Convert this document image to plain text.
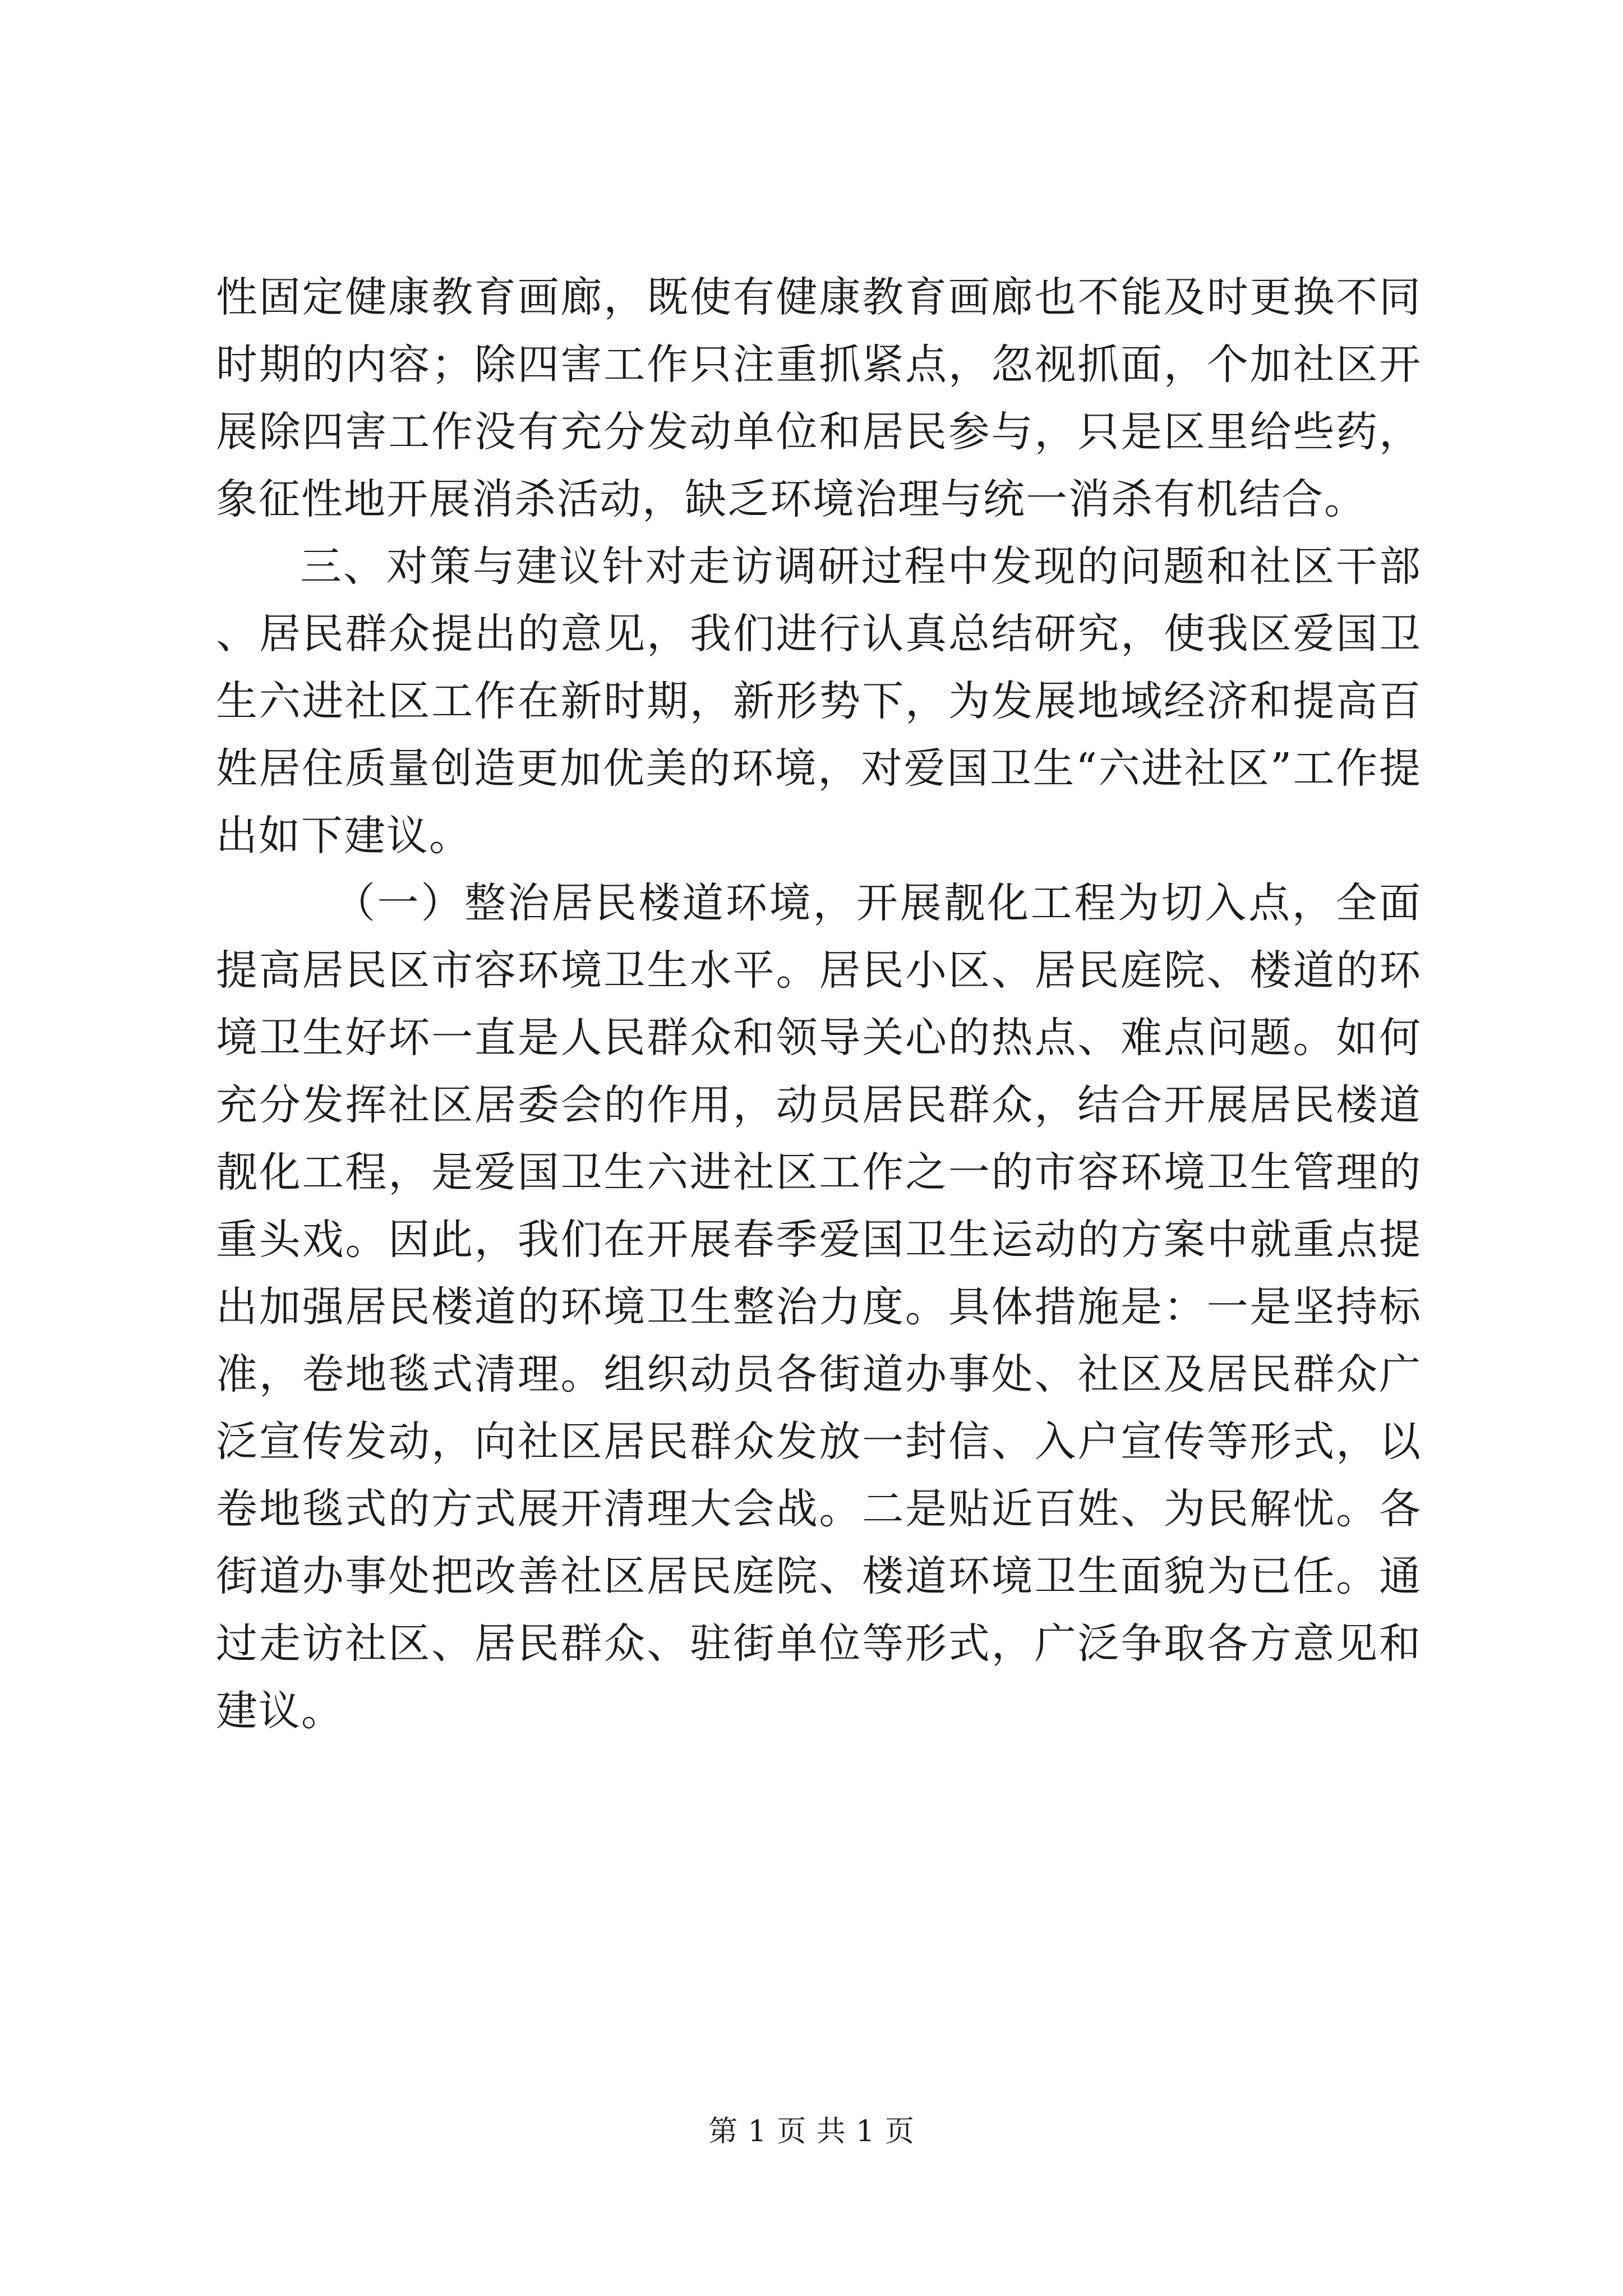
性固定健康教育画廊，既使有健康教育画廊也不能及时更换不同时期的内容；除四害工作只注重抓紧点，忽视抓面，个加社区开展除四害工作没有充分发动单位和居民参与，只是区里给些药，象征性地开展消杀活动，缺乏环境治理与统一消杀有机结合。

三、对策与建议针对走访调研过程中发现的问题和社区干部、居民群众提出的意见，我们进行认真总结研究，使我区爱国卫生六进社区工作在新时期，新形势下，为发展地域经济和提高百姓居住质量创造更加优美的环境，对爱国卫生“六进社区”工作提出如下建议。

（一）整治居民楼道环境，开展靓化工程为切入点，全面提高居民区市容环境卫生水平。居民小区、居民庭院、楼道的环境卫生好坏一直是人民群众和领导关心的热点、难点问题。如何充分发挥社区居委会的作用，动员居民群众，结合开展居民楼道靓化工程，是爱国卫生六进社区工作之一的市容环境卫生管理的重头戏。因此，我们在开展春季爱国卫生运动的方案中就重点提出加强居民楼道的环境卫生整治力度。具体措施是：一是坚持标准，卷地毯式清理。组织动员各街道办事处、社区及居民群众广泛宣传发动，向社区居民群众发放一封信、入户宣传等形式，以卷地毯式的方式展开清理大会战。二是贴近百姓、为民解忧。各街道办事处把改善社区居民庭院、楼道环境卫生面貌为已任。通过走访社区、居民群众、驻街单位等形式，广泛争取各方意见和建议。

第 1 页 共 1 页
